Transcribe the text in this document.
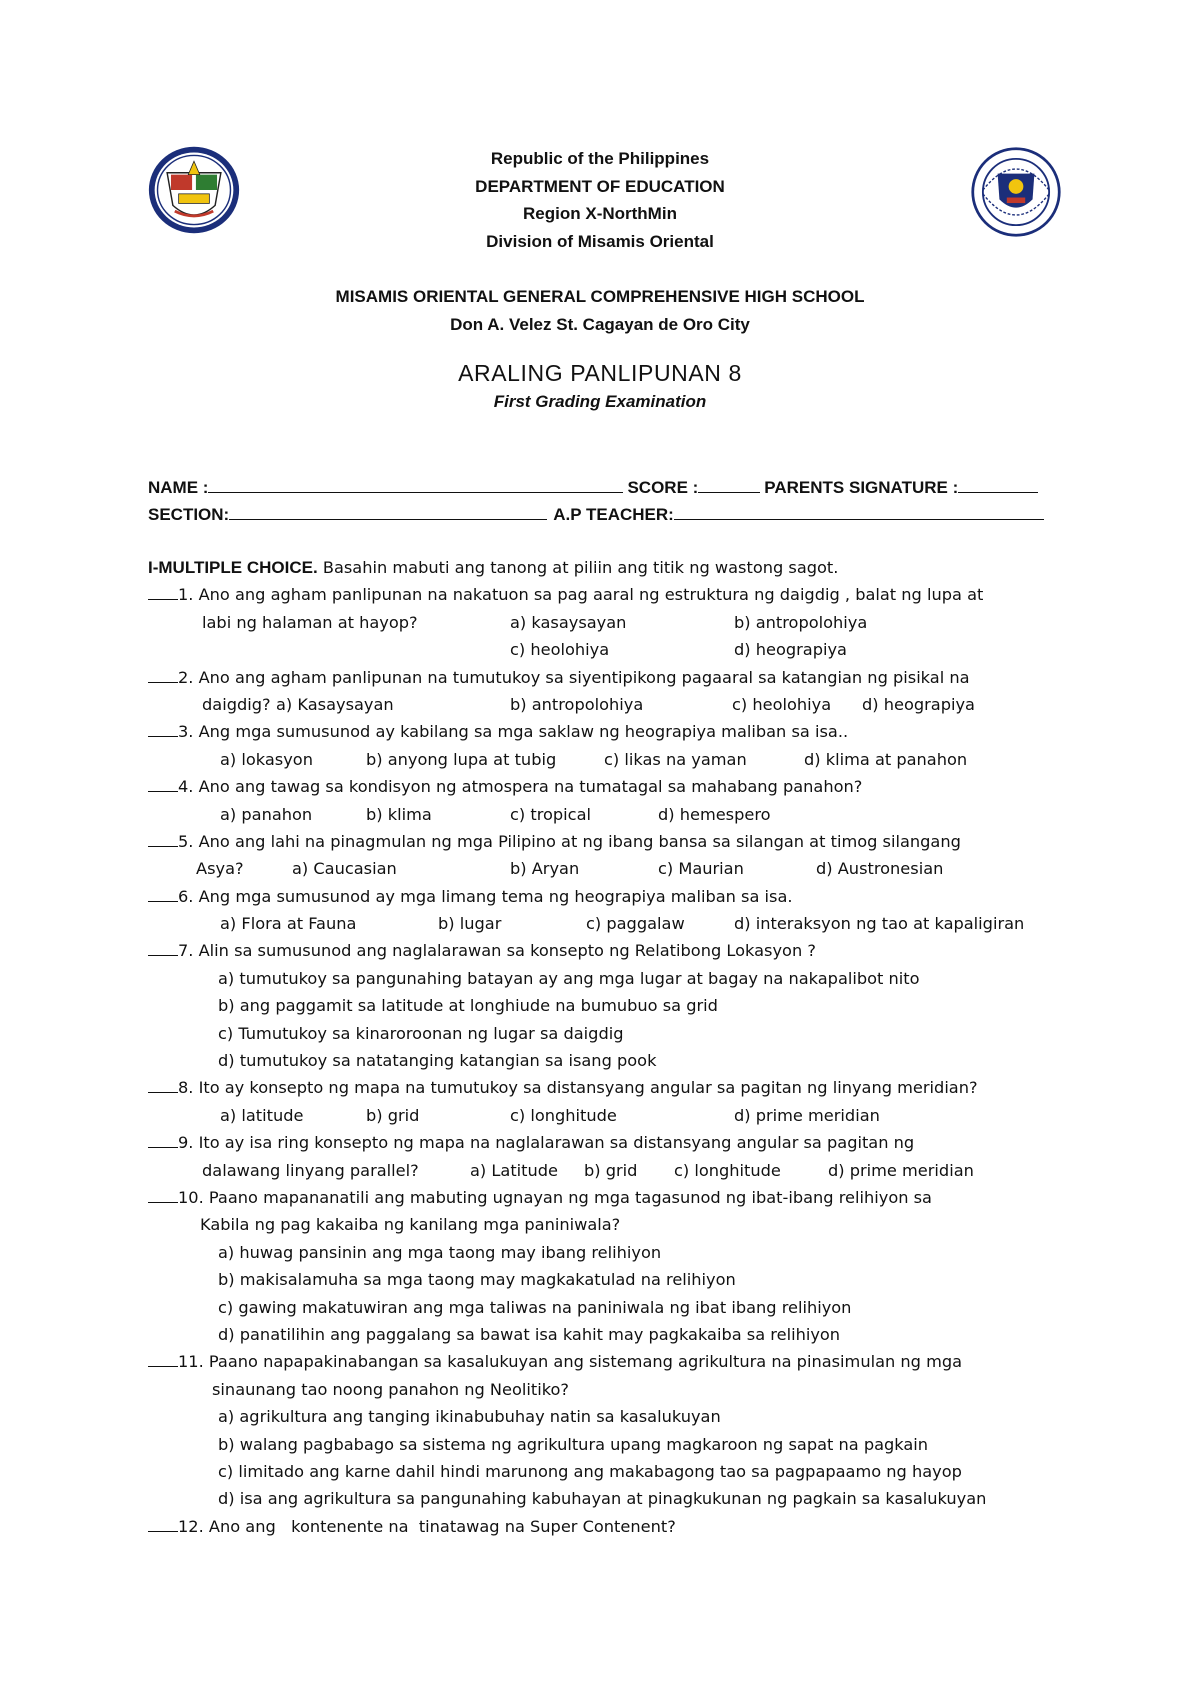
Republic of the Philippines

DEPARTMENT OF EDUCATION

Region X-NorthMin

Division of Misamis Oriental

MISAMIS ORIENTAL GENERAL COMPREHENSIVE HIGH SCHOOL

Don A. Velez St. Cagayan de Oro City

ARALING PANLIPUNAN 8
First Grading Examination
NAME :	SCORE :	PARENTS SIGNATURE :
SECTION:	A.P TEACHER:
I-MULTIPLE CHOICE. Basahin mabuti ang tanong at piliin ang titik ng wastong sagot.
1. Ano ang agham panlipunan na nakatuon sa pag aaral ng estruktura ng daigdig , balat ng lupa at
labi ng halaman at hayop?	a) kasaysayan	b) antropolohiya
c) heolohiya	d) heograpiya
2. Ano ang agham panlipunan na tumutukoy sa siyentipikong pagaaral sa katangian ng pisikal na
daigdig? a) Kasaysayan	b) antropolohiya	c) heolohiya d) heograpiya
3. Ang mga sumusunod ay kabilang sa mga saklaw ng heograpiya maliban sa isa..
a) lokasyon	b) anyong lupa at tubig	c) likas na yaman	d) klima at panahon
4. Ano ang tawag sa kondisyon ng atmospera na tumatagal sa mahabang panahon?
a) panahon	b) klima	c) tropical	d) hemespero
5. Ano ang lahi na pinagmulan ng mga Pilipino at ng ibang bansa sa silangan at timog silangang
Asya?	a) Caucasian	b) Aryan	c) Maurian	d) Austronesian
6. Ang mga sumusunod ay mga limang tema ng heograpiya maliban sa isa.
a) Flora at Fauna	b) lugar	c) paggalaw	d) interaksyon ng tao at kapaligiran
7. Alin sa sumusunod ang naglalarawan sa konsepto ng Relatibong Lokasyon ?
a) tumutukoy sa pangunahing batayan ay ang mga lugar at bagay na nakapalibot nito
b) ang paggamit sa latitude at longhiude na bumubuo sa grid
c) Tumutukoy sa kinaroroonan ng lugar sa daigdig
d) tumutukoy sa natatanging katangian sa isang pook
8. Ito ay konsepto ng mapa na tumutukoy sa distansyang angular sa pagitan ng linyang meridian?
a) latitude	b) grid	c) longhitude	d) prime meridian
9. Ito ay isa ring konsepto ng mapa na naglalarawan sa distansyang angular sa pagitan ng
dalawang linyang parallel?	a) Latitude b) grid c) longhitude	d) prime meridian
10. Paano mapananatili ang mabuting ugnayan ng mga tagasunod ng ibat-ibang relihiyon sa
Kabila ng pag kakaiba ng kanilang mga paniniwala?
a) huwag pansinin ang mga taong may ibang relihiyon
b) makisalamuha sa mga taong may magkakatulad na relihiyon
c) gawing makatuwiran ang mga taliwas na paniniwala ng ibat ibang relihiyon
d) panatilihin ang paggalang sa bawat isa kahit may pagkakaiba sa relihiyon
11. Paano napapakinabangan sa kasalukuyan ang sistemang agrikultura na pinasimulan ng mga
sinaunang tao noong panahon ng Neolitiko?
a) agrikultura ang tanging ikinabubuhay natin sa kasalukuyan
b) walang pagbabago sa sistema ng agrikultura upang magkaroon ng sapat na pagkain
c) limitado ang karne dahil hindi marunong ang makabagong tao sa pagpapaamo ng hayop
d) isa ang agrikultura sa pangunahing kabuhayan at pinagkukunan ng pagkain sa kasalukuyan
12. Ano ang   kontenente na  tinatawag na Super Contenent?
